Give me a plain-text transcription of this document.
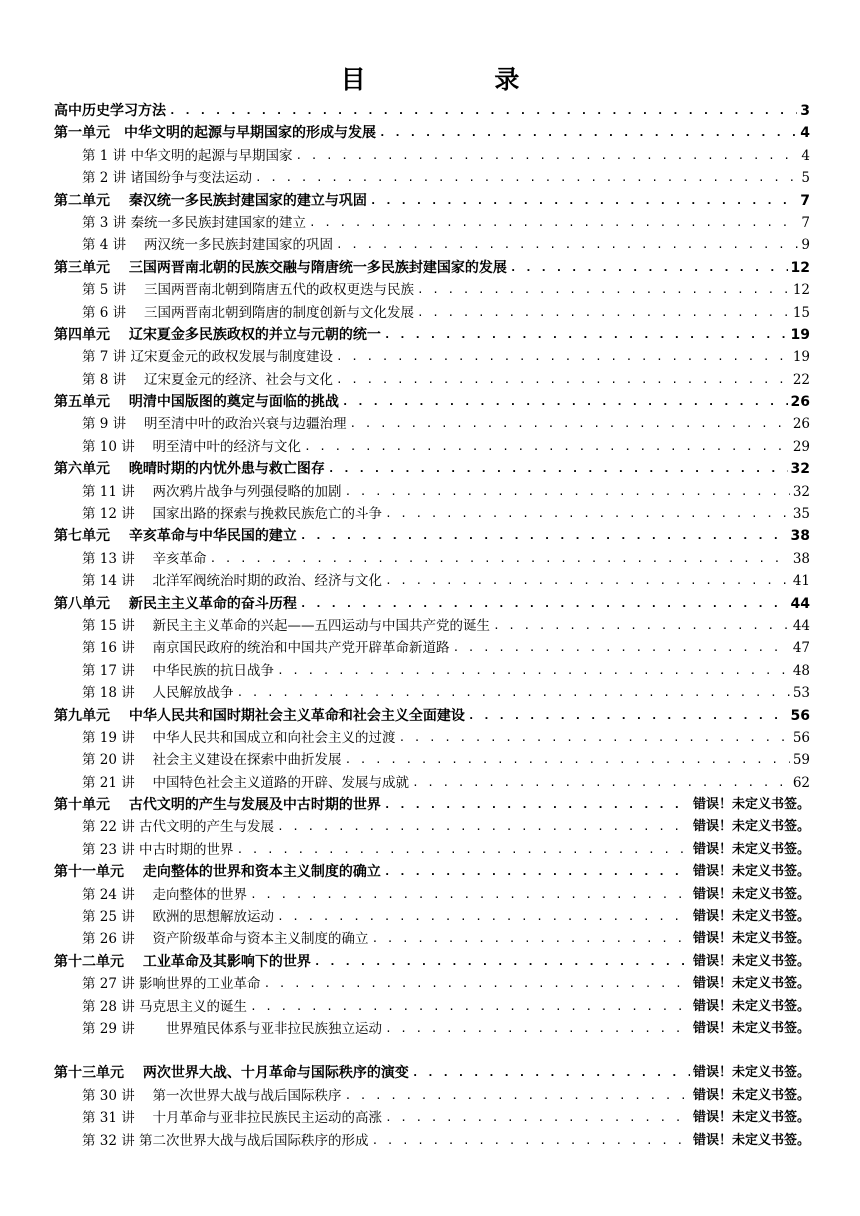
目 录
高中历史学习方法 . . .	3
第一单元　中华文明的起源与早期国家的形成与发展 . . .	4
第 1 讲 中华文明的起源与早期国家 . . .	4
第 2 讲 诸国纷争与变法运动 . . .	5
第二单元　 秦汉统一多民族封建国家的建立与巩固 . . .	7
第 3 讲 秦统一多民族封建国家的建立 . . .	7
第 4 讲　 两汉统一多民族封建国家的巩固 . . .	9
第三单元　 三国两晋南北朝的民族交融与隋唐统一多民族封建国家的发展 . . .	12
第 5 讲　 三国两晋南北朝到隋唐五代的政权更迭与民族 . . .	12
第 6 讲　 三国两晋南北朝到隋唐的制度创新与文化发展 . . .	15
第四单元　 辽宋夏金多民族政权的并立与元朝的统一 . . .	19
第 7 讲 辽宋夏金元的政权发展与制度建设 . . .	19
第 8 讲　 辽宋夏金元的经济、社会与文化 . . .	22
第五单元　 明清中国版图的奠定与面临的挑战 . . .	26
第 9 讲　 明至清中叶的政治兴衰与边疆治理 . . .	26
第 10 讲　 明至清中叶的经济与文化 . . .	29
第六单元　 晚晴时期的内忧外患与救亡图存 . . .	32
第 11 讲　 两次鸦片战争与列强侵略的加剧 . . .	32
第 12 讲　 国家出路的探索与挽救民族危亡的斗争 . . .	35
第七单元　 辛亥革命与中华民国的建立 . . .	38
第 13 讲　 辛亥革命 . . .	38
第 14 讲　 北洋军阀统治时期的政治、经济与文化 . . .	41
第八单元　 新民主主义革命的奋斗历程 . . .	44
第 15 讲　 新民主主义革命的兴起——五四运动与中国共产党的诞生 . . .	44
第 16 讲　 南京国民政府的统治和中国共产党开辟革命新道路 . . .	47
第 17 讲　 中华民族的抗日战争 . . .	48
第 18 讲　 人民解放战争 . . .	53
第九单元　 中华人民共和国时期社会主义革命和社会主义全面建设 . . .	56
第 19 讲　 中华人民共和国成立和向社会主义的过渡 . . .	56
第 20 讲　 社会主义建设在探索中曲折发展 . . .	59
第 21 讲　 中国特色社会主义道路的开辟、发展与成就 . . .	62
第十单元　 古代文明的产生与发展及中古时期的世界 . . .	错误！未定义书签。
第 22 讲 古代文明的产生与发展 . . .	错误！未定义书签。
第 23 讲 中古时期的世界 . . .	错误！未定义书签。
第十一单元　 走向整体的世界和资本主义制度的确立 . . .	错误！未定义书签。
第 24 讲　 走向整体的世界 . . .	错误！未定义书签。
第 25 讲　 欧洲的思想解放运动 . . .	错误！未定义书签。
第 26 讲　 资产阶级革命与资本主义制度的确立 . . .	错误！未定义书签。
第十二单元　 工业革命及其影响下的世界 . . .	错误！未定义书签。
第 27 讲 影响世界的工业革命 . . .	错误！未定义书签。
第 28 讲 马克思主义的诞生 . . .	错误！未定义书签。
第 29 讲　　 世界殖民体系与亚非拉民族独立运动 . . .	错误！未定义书签。
第十三单元　 两次世界大战、十月革命与国际秩序的演变 . . .	错误！未定义书签。
第 30 讲　 第一次世界大战与战后国际秩序 . . .	错误！未定义书签。
第 31 讲　 十月革命与亚非拉民族民主运动的高涨 . . .	错误！未定义书签。
第 32 讲 第二次世界大战与战后国际秩序的形成 . . .	错误！未定义书签。
